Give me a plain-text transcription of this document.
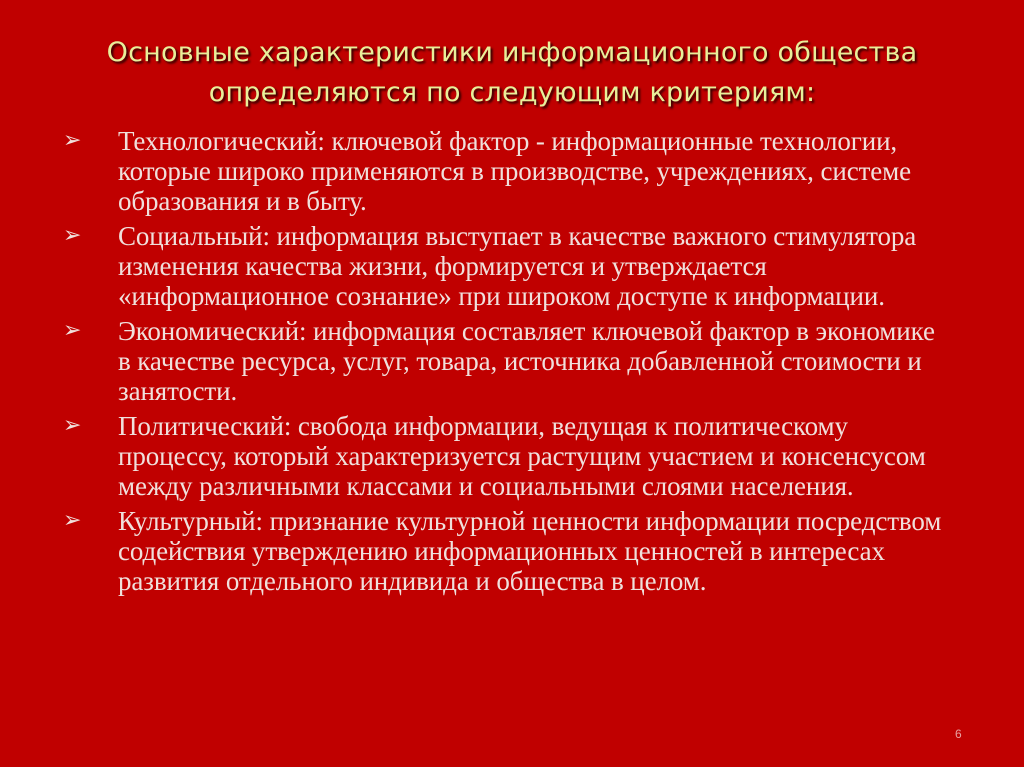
Основные характеристики информационного общества
определяются по следующим критериям:
➢ Технологический: ключевой фактор - информационные технологии, которые широко применяются в производстве, учреждениях, системе образования и в быту.
➢ Социальный: информация выступает в качестве важного стимулятора изменения качества жизни, формируется и утверждается «информационное сознание» при широком доступе к информации.
➢ Экономический: информация составляет ключевой фактор в экономике в качестве ресурса, услуг, товара, источника добавленной стоимости и занятости.
➢ Политический: свобода информации, ведущая к политическому процессу, который характеризуется растущим участием и консенсусом между различными классами и социальными слоями населения.
➢ Культурный: признание культурной ценности информации посредством содействия утверждению информационных ценностей в интересах развития отдельного индивида и общества в целом.
6
